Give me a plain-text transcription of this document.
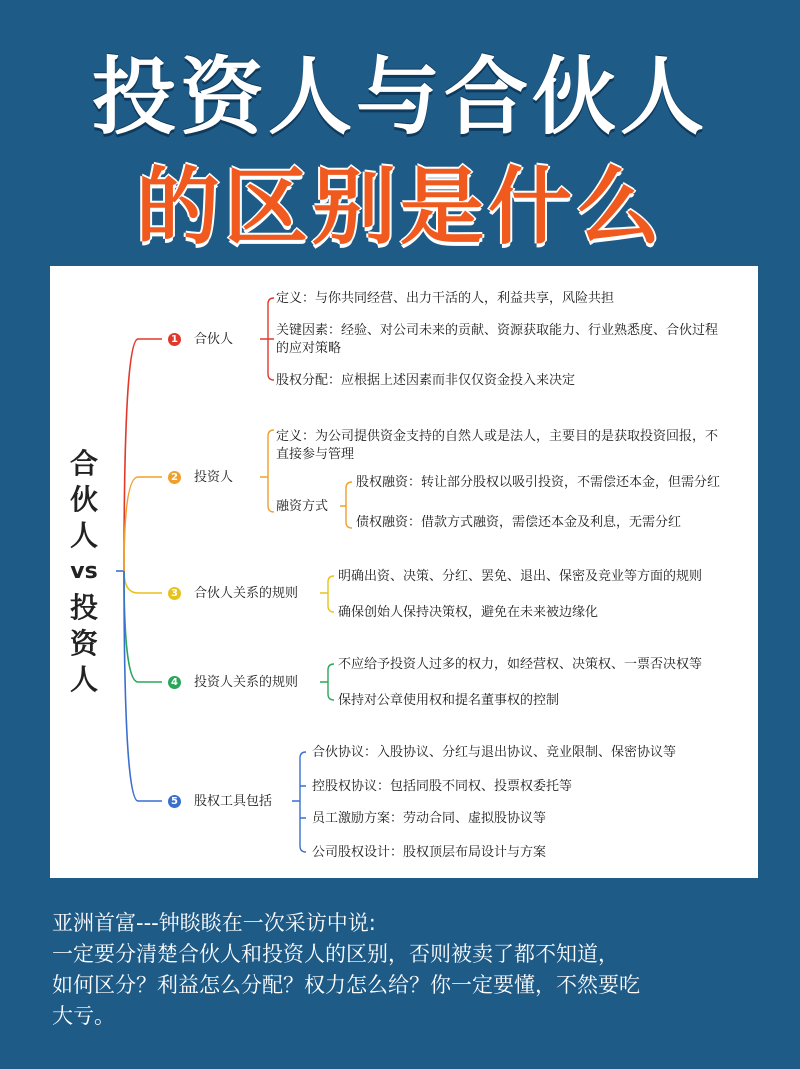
投资人与合伙人
的区别是什么
合
伙
人
vs
投
资
人
1 合伙人
定义：与你共同经营、出力干活的人，利益共享，风险共担
关键因素：经验、对公司未来的贡献、资源获取能力、行业熟悉度、合伙过程
的应对策略
股权分配：应根据上述因素而非仅仅资金投入来决定
2 投资人
定义：为公司提供资金支持的自然人或是法人，主要目的是获取投资回报，不
直接参与管理
融资方式
股权融资：转让部分股权以吸引投资，不需偿还本金，但需分红
债权融资：借款方式融资，需偿还本金及利息，无需分红
3 合伙人关系的规则
明确出资、决策、分红、罢免、退出、保密及竞业等方面的规则
确保创始人保持决策权，避免在未来被边缘化
4 投资人关系的规则
不应给予投资人过多的权力，如经营权、决策权、一票否决权等
保持对公章使用权和提名董事权的控制
5 股权工具包括
合伙协议：入股协议、分红与退出协议、竞业限制、保密协议等
控股权协议：包括同股不同权、投票权委托等
员工激励方案：劳动合同、虚拟股协议等
公司股权设计：股权顶层布局设计与方案
亚洲首富---钟睒睒在一次采访中说:
一定要分清楚合伙人和投资人的区别，否则被卖了都不知道，
如何区分？利益怎么分配？权力怎么给？你一定要懂，不然要吃
大亏。
